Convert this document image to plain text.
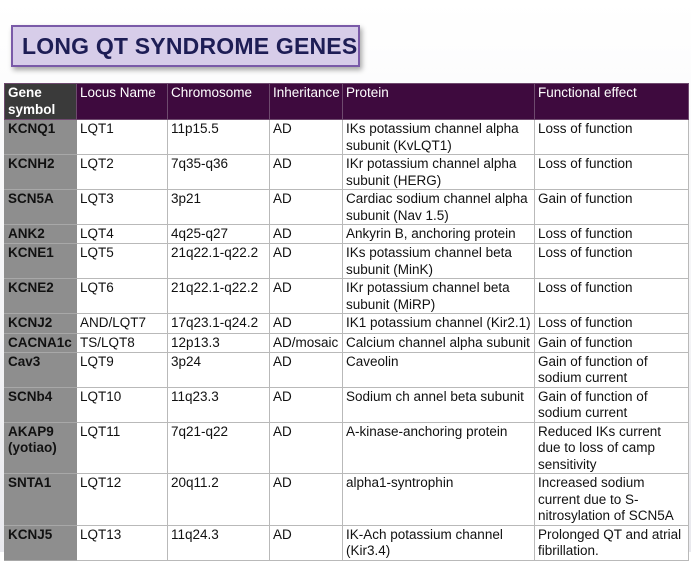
LONG QT SYNDROME GENES
Gene symbol	Locus Name	Chromosome	Inheritance	Protein	Functional effect
KCNQ1	LQT1	11p15.5	AD	IKs potassium channel alpha subunit (KvLQT1)	Loss of function
KCNH2	LQT2	7q35-q36	AD	IKr potassium channel alpha subunit (HERG)	Loss of function
SCN5A	LQT3	3p21	AD	Cardiac sodium channel alpha subunit (Nav 1.5)	Gain of function
ANK2	LQT4	4q25-q27	AD	Ankyrin B, anchoring protein	Loss of function
KCNE1	LQT5	21q22.1-q22.2	AD	IKs potassium channel beta subunit (MinK)	Loss of function
KCNE2	LQT6	21q22.1-q22.2	AD	IKr potassium channel beta subunit (MiRP)	Loss of function
KCNJ2	AND/LQT7	17q23.1-q24.2	AD	IK1 potassium channel (Kir2.1)	Loss of function
CACNA1c	TS/LQT8	12p13.3	AD/mosaic	Calcium channel alpha subunit	Gain of function
Cav3	LQT9	3p24	AD	Caveolin	Gain of function of sodium current
SCNb4	LQT10	11q23.3	AD	Sodium ch annel beta subunit	Gain of function of sodium current
AKAP9 (yotiao)	LQT11	7q21-q22	AD	A-kinase-anchoring protein	Reduced IKs current due to loss of camp sensitivity
SNTA1	LQT12	20q11.2	AD	alpha1-syntrophin	Increased sodium current due to S-nitrosylation of SCN5A
KCNJ5	LQT13	11q24.3	AD	IK-Ach potassium channel (Kir3.4)	Prolonged QT and atrial fibrillation.
